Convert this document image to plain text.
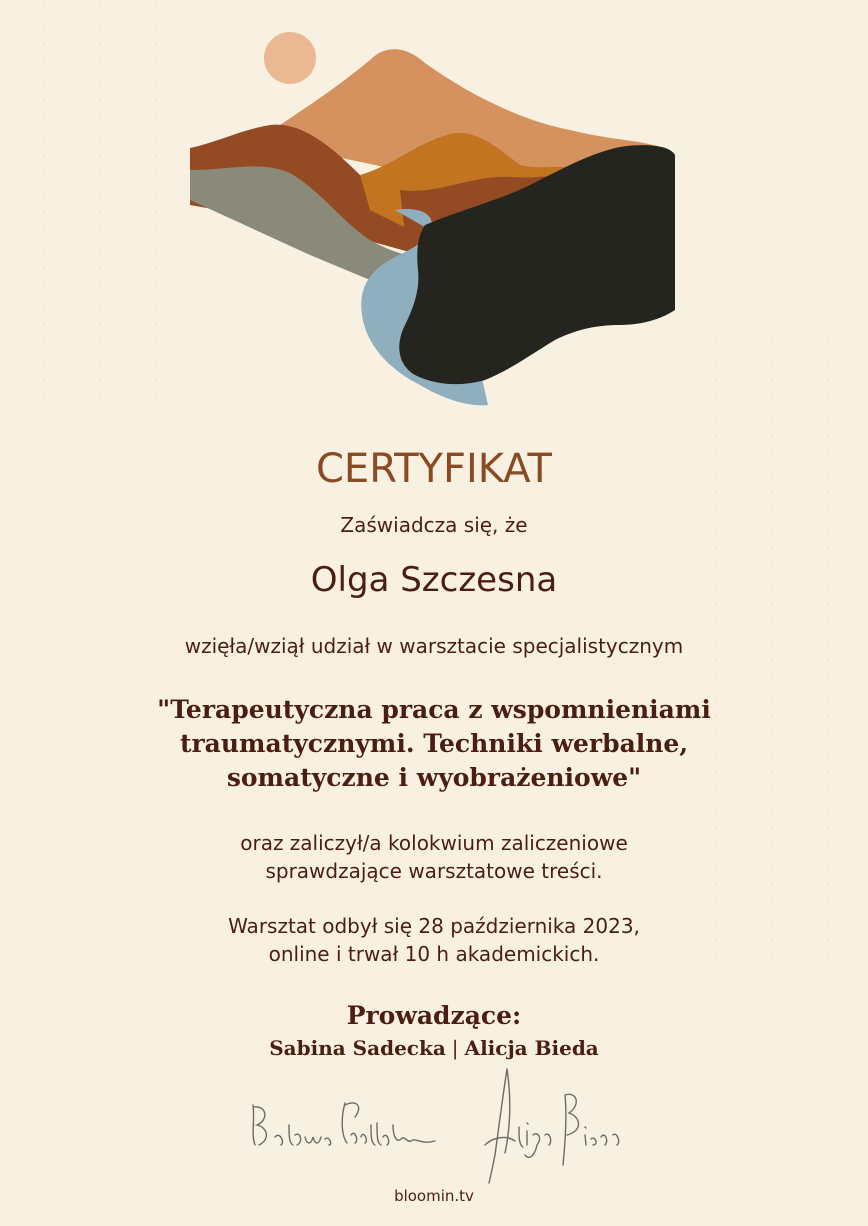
CERTYFIKAT
Zaświadcza się, że
Olga Szczesna
wzięła/wziął udział w warsztacie specjalistycznym
"Terapeutyczna praca z wspomnieniami
traumatycznymi. Techniki werbalne,
somatyczne i wyobrażeniowe"
oraz zaliczył/a kolokwium zaliczeniowe
sprawdzające warsztatowe treści.
Warsztat odbył się 28 października 2023,
online i trwał 10 h akademickich.
Prowadzące:
Sabina Sadecka | Alicja Bieda
bloomin.tv
